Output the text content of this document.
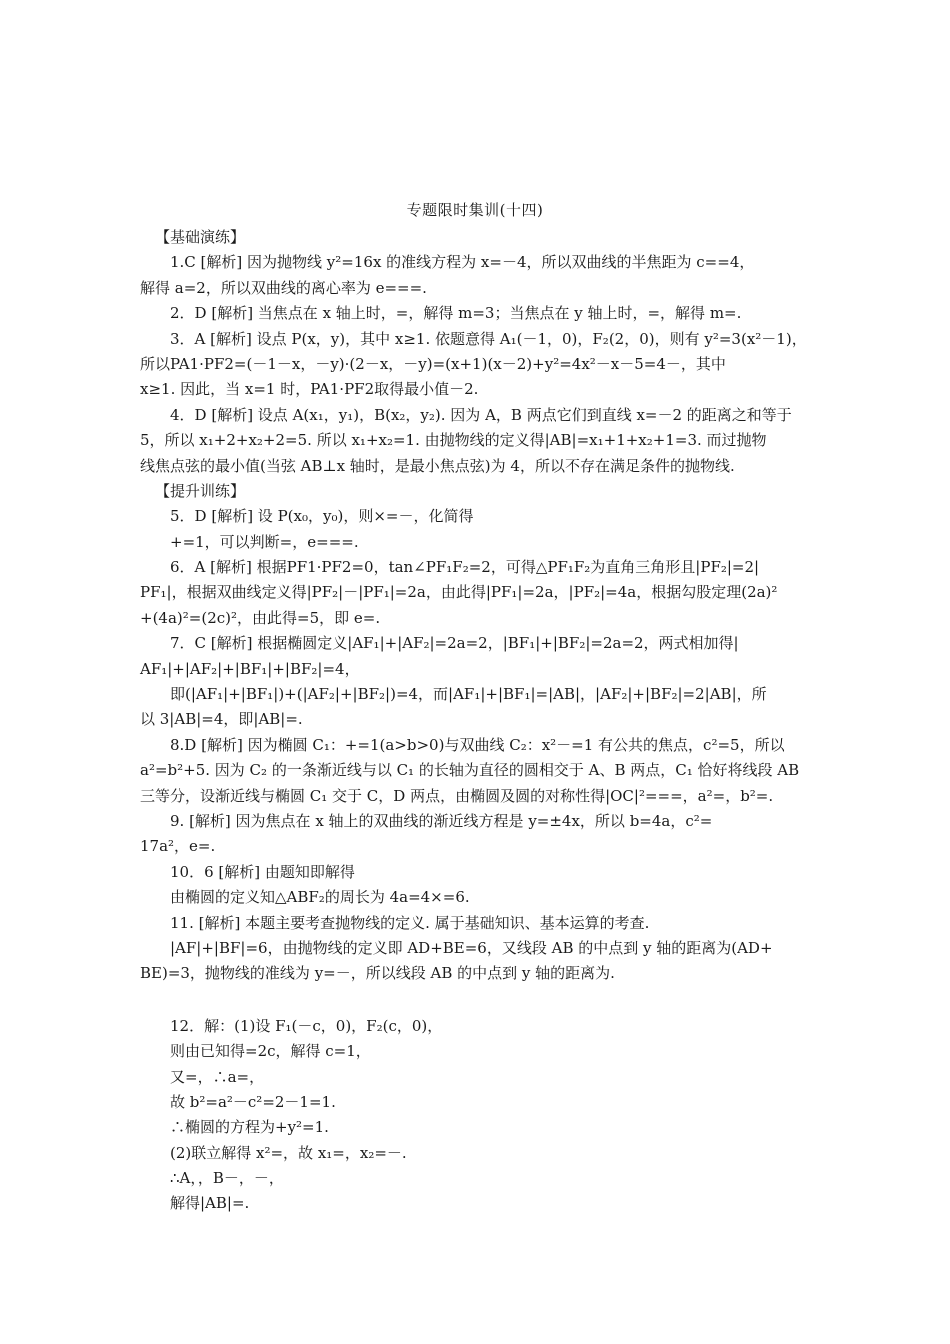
专题限时集训(十四)
【基础演练】
1.C [解析] 因为抛物线 y²=16x 的准线方程为 x=－4，所以双曲线的半焦距为 c==4，
解得 a=2，所以双曲线的离心率为 e===.
2．D [解析] 当焦点在 x 轴上时，=，解得 m=3；当焦点在 y 轴上时，=，解得 m=.
3．A [解析] 设点 P(x，y)，其中 x≥1. 依题意得 A₁(－1，0)，F₂(2，0)，则有 y²=3(x²－1)，
所以PA1·PF2=(－1－x，－y)·(2－x，－y)=(x+1)(x－2)+y²=4x²－x－5=4－，其中
x≥1. 因此，当 x=1 时，PA1·PF2取得最小值－2.
4．D [解析] 设点 A(x₁，y₁)，B(x₂，y₂). 因为 A，B 两点它们到直线 x=－2 的距离之和等于
5，所以 x₁+2+x₂+2=5. 所以 x₁+x₂=1. 由抛物线的定义得|AB|=x₁+1+x₂+1=3. 而过抛物
线焦点弦的最小值(当弦 AB⊥x 轴时，是最小焦点弦)为 4，所以不存在满足条件的抛物线.
【提升训练】
5．D [解析] 设 P(x₀，y₀)，则×=－，化简得
+=1，可以判断=，e===.
6．A [解析] 根据PF1·PF2=0，tan∠PF₁F₂=2，可得△PF₁F₂为直角三角形且|PF₂|=2|
PF₁|，根据双曲线定义得|PF₂|－|PF₁|=2a，由此得|PF₁|=2a，|PF₂|=4a，根据勾股定理(2a)²
+(4a)²=(2c)²，由此得=5，即 e=.
7．C [解析] 根据椭圆定义|AF₁|+|AF₂|=2a=2，|BF₁|+|BF₂|=2a=2，两式相加得|
AF₁|+|AF₂|+|BF₁|+|BF₂|=4，
即(|AF₁|+|BF₁|)+(|AF₂|+|BF₂|)=4，而|AF₁|+|BF₁|=|AB|，|AF₂|+|BF₂|=2|AB|，所
以 3|AB|=4，即|AB|=.
8.D [解析] 因为椭圆 C₁：+=1(a>b>0)与双曲线 C₂：x²－=1 有公共的焦点，c²=5，所以
a²=b²+5. 因为 C₂ 的一条渐近线与以 C₁ 的长轴为直径的圆相交于 A、B 两点，C₁ 恰好将线段 AB
三等分，设渐近线与椭圆 C₁ 交于 C，D 两点，由椭圆及圆的对称性得|OC|²===，a²=，b²=.
9. [解析] 因为焦点在 x 轴上的双曲线的渐近线方程是 y=±4x，所以 b=4a，c²=
17a²，e=.
10．6 [解析] 由题知即解得
由椭圆的定义知△ABF₂的周长为 4a=4×=6.
11. [解析] 本题主要考查抛物线的定义. 属于基础知识、基本运算的考查.
|AF|+|BF|=6，由抛物线的定义即 AD+BE=6，又线段 AB 的中点到 y 轴的距离为(AD+
BE)=3，抛物线的准线为 y=－，所以线段 AB 的中点到 y 轴的距离为.
12．解：(1)设 F₁(－c，0)，F₂(c，0)，
则由已知得=2c，解得 c=1，
又=，∴a=，
故 b²=a²－c²=2－1=1.
∴椭圆的方程为+y²=1.
(2)联立解得 x²=，故 x₁=，x₂=－.
∴A，，B－，－，
解得|AB|=.
